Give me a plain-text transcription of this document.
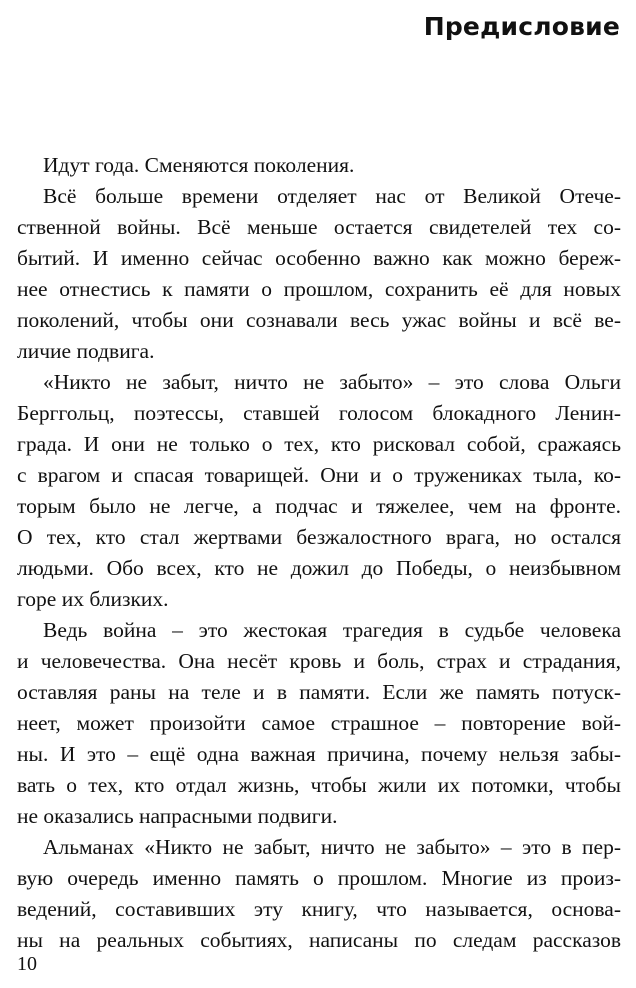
Предисловие
Идут года. Сменяются поколения.
Всё больше времени отделяет нас от Великой Отече-
ственной войны. Всё меньше остается свидетелей тех со-
бытий. И именно сейчас особенно важно как можно береж-
нее отнестись к памяти о прошлом, сохранить её для новых
поколений, чтобы они сознавали весь ужас войны и всё ве-
личие подвига.
«Никто не забыт, ничто не забыто» – это слова Ольги
Берггольц, поэтессы, ставшей голосом блокадного Ленин-
града. И они не только о тех, кто рисковал собой, сражаясь
с врагом и спасая товарищей. Они и о тружениках тыла, ко-
торым было не легче, а подчас и тяжелее, чем на фронте.
О тех, кто стал жертвами безжалостного врага, но остался
людьми. Обо всех, кто не дожил до Победы, о неизбывном
горе их близких.
Ведь война – это жестокая трагедия в судьбе человека
и человечества. Она несёт кровь и боль, страх и страдания,
оставляя раны на теле и в памяти. Если же память потуск-
неет, может произойти самое страшное – повторение вой-
ны. И это – ещё одна важная причина, почему нельзя забы-
вать о тех, кто отдал жизнь, чтобы жили их потомки, чтобы
не оказались напрасными подвиги.
Альманах «Никто не забыт, ничто не забыто» – это в пер-
вую очередь именно память о прошлом. Многие из произ-
ведений, составивших эту книгу, что называется, основа-
ны на реальных событиях, написаны по следам рассказов
10
